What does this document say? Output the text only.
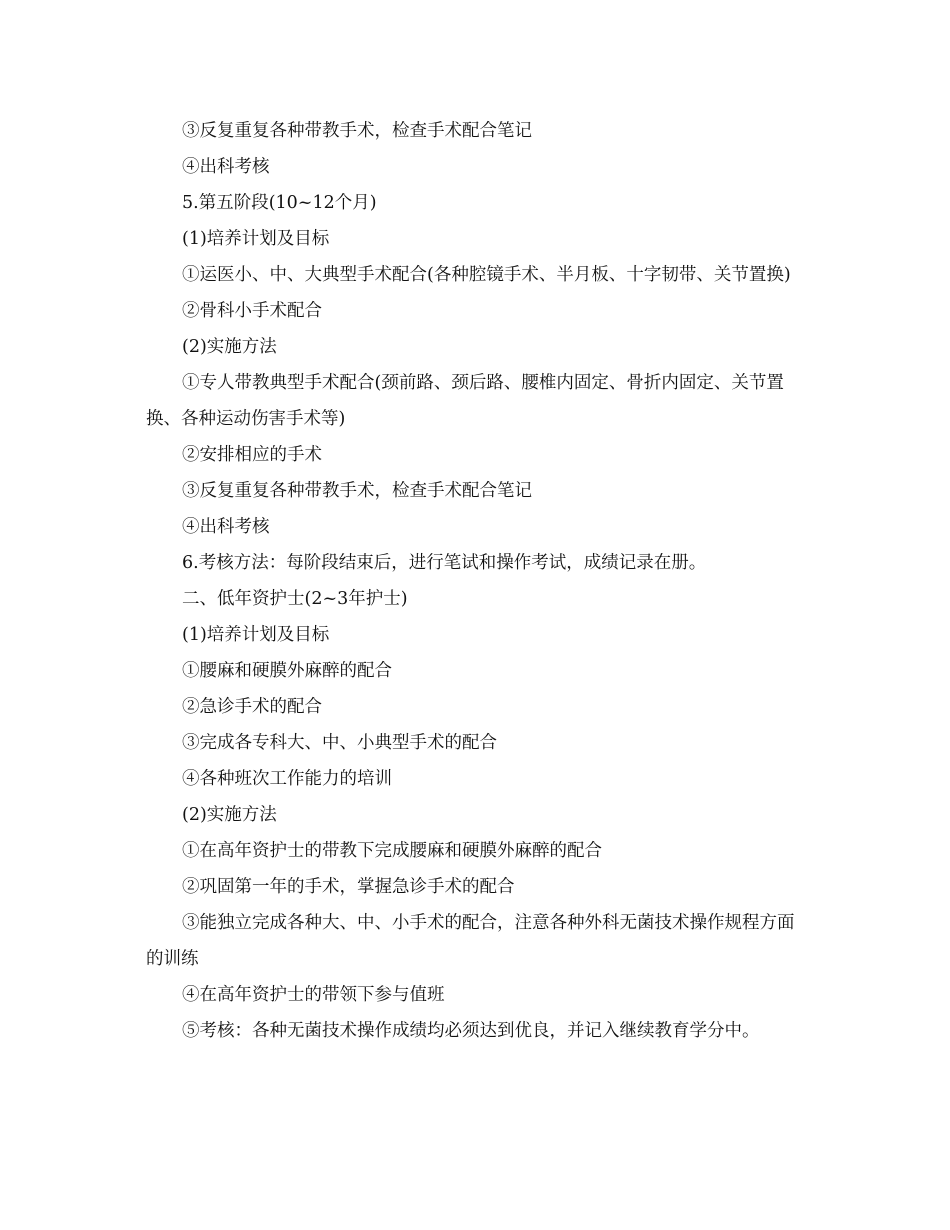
③反复重复各种带教手术，检查手术配合笔记
④出科考核
5.第五阶段(10~12个月)
(1)培养计划及目标
①运医小、中、大典型手术配合(各种腔镜手术、半月板、十字韧带、关节置换)
②骨科小手术配合
(2)实施方法
①专人带教典型手术配合(颈前路、颈后路、腰椎内固定、骨折内固定、关节置换、各种运动伤害手术等)
②安排相应的手术
③反复重复各种带教手术，检查手术配合笔记
④出科考核
6.考核方法：每阶段结束后，进行笔试和操作考试，成绩记录在册。
二、低年资护士(2~3年护士)
(1)培养计划及目标
①腰麻和硬膜外麻醉的配合
②急诊手术的配合
③完成各专科大、中、小典型手术的配合
④各种班次工作能力的培训
(2)实施方法
①在高年资护士的带教下完成腰麻和硬膜外麻醉的配合
②巩固第一年的手术，掌握急诊手术的配合
③能独立完成各种大、中、小手术的配合，注意各种外科无菌技术操作规程方面的训练
④在高年资护士的带领下参与值班
⑤考核：各种无菌技术操作成绩均必须达到优良，并记入继续教育学分中。
